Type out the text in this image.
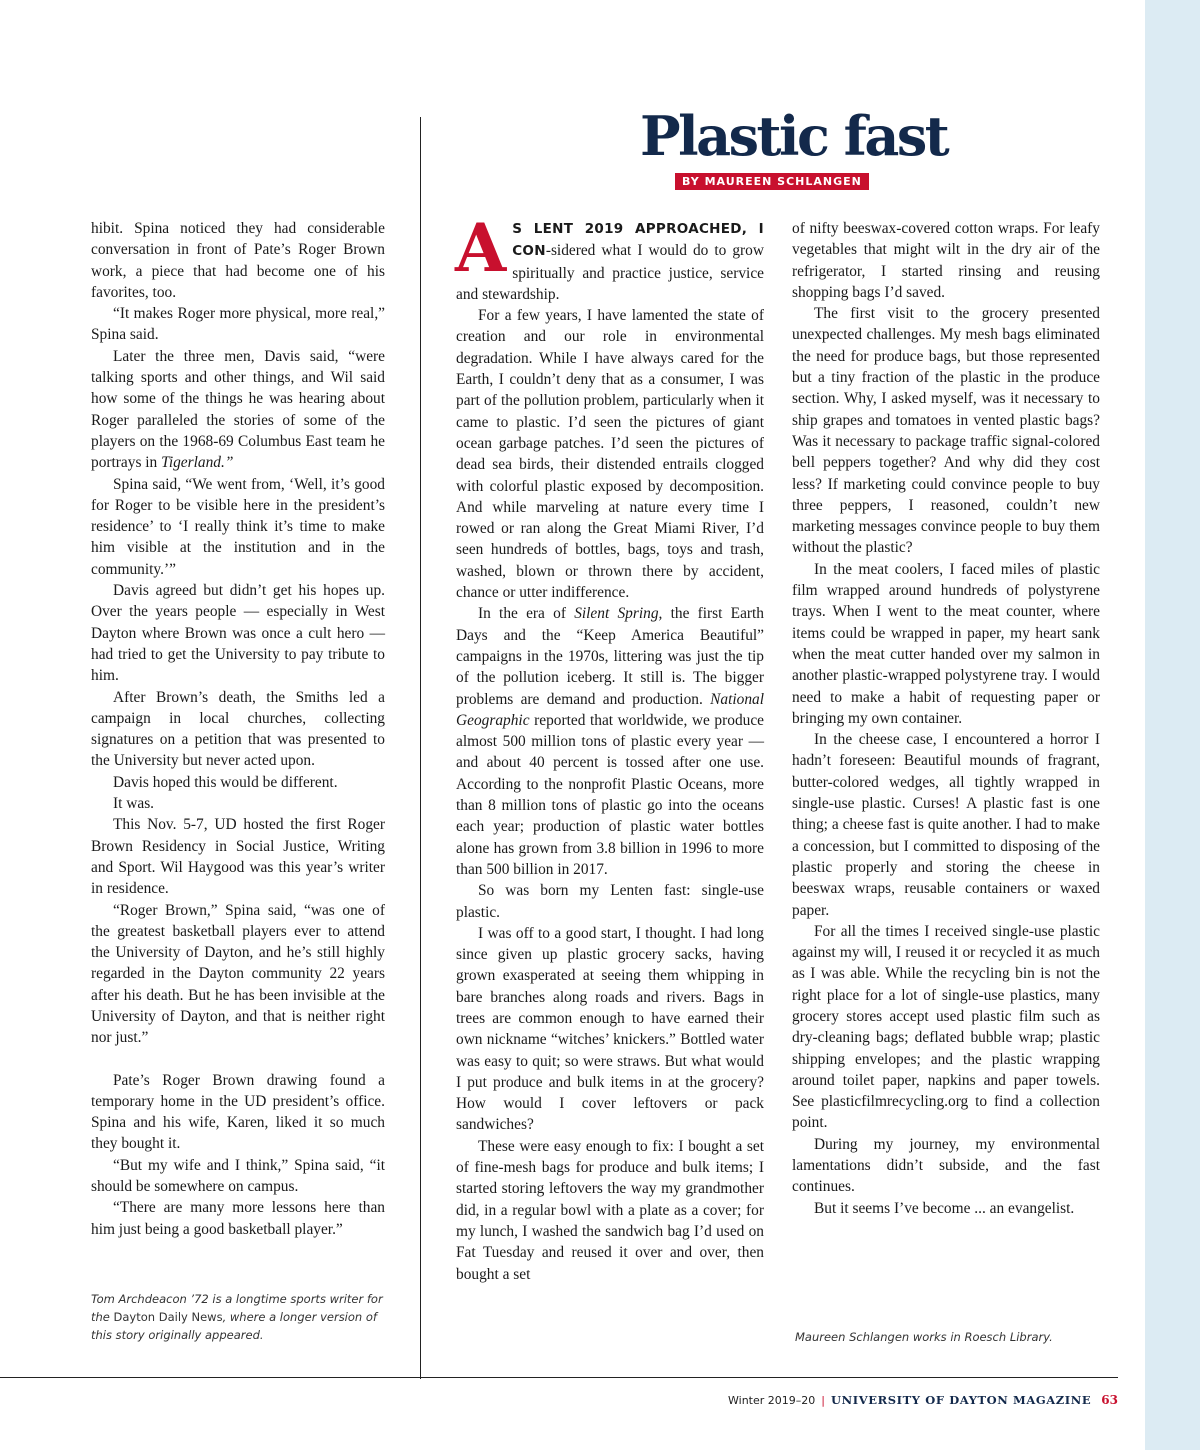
Plastic fast
BY MAUREEN SCHLANGEN

hibit. Spina noticed they had considerable conversation in front of Pate’s Roger Brown work, a piece that had become one of his favorites, too.

“It makes Roger more physical, more real,” Spina said.

Later the three men, Davis said, “were talking sports and other things, and Wil said how some of the things he was hearing about Roger paralleled the stories of some of the players on the 1968-69 Columbus East team he portrays in Tigerland.”

Spina said, “We went from, ‘Well, it’s good for Roger to be visible here in the president’s residence’ to ‘I really think it’s time to make him visible at the institution and in the community.’”

Davis agreed but didn’t get his hopes up. Over the years people — especially in West Dayton where Brown was once a cult hero — had tried to get the University to pay tribute to him.

After Brown’s death, the Smiths led a campaign in local churches, collecting signatures on a petition that was presented to the University but never acted upon.

Davis hoped this would be different.

It was.

This Nov. 5-7, UD hosted the first Roger Brown Residency in Social Justice, Writing and Sport. Wil Haygood was this year’s writer in residence.

“Roger Brown,” Spina said, “was one of the greatest basketball players ever to attend the University of Dayton, and he’s still highly regarded in the Dayton community 22 years after his death. But he has been invisible at the University of Dayton, and that is neither right nor just.”

Pate’s Roger Brown drawing found a temporary home in the UD president’s office. Spina and his wife, Karen, liked it so much they bought it.

“But my wife and I think,” Spina said, “it should be somewhere on campus.

“There are many more lessons here than him just being a good basketball player.”

Tom Archdeacon ’72 is a longtime sports writer for the Dayton Daily News, where a longer version of this story originally appeared.

A S LENT 2019 APPROACHED, I CON-sidered what I would do to grow spiritually and practice justice, service and stewardship.

For a few years, I have lamented the state of creation and our role in environmental degradation. While I have always cared for the Earth, I couldn’t deny that as a consumer, I was part of the pollution problem, particularly when it came to plastic. I’d seen the pictures of giant ocean garbage patches. I’d seen the pictures of dead sea birds, their distended entrails clogged with colorful plastic exposed by decomposition. And while marveling at nature every time I rowed or ran along the Great Miami River, I’d seen hundreds of bottles, bags, toys and trash, washed, blown or thrown there by accident, chance or utter indifference.

In the era of Silent Spring, the first Earth Days and the “Keep America Beautiful” campaigns in the 1970s, littering was just the tip of the pollution iceberg. It still is. The bigger problems are demand and production. National Geographic reported that worldwide, we produce almost 500 million tons of plastic every year — and about 40 percent is tossed after one use. According to the nonprofit Plastic Oceans, more than 8 million tons of plastic go into the oceans each year; production of plastic water bottles alone has grown from 3.8 billion in 1996 to more than 500 billion in 2017.

So was born my Lenten fast: single-use plastic.

I was off to a good start, I thought. I had long since given up plastic grocery sacks, having grown exasperated at seeing them whipping in bare branches along roads and rivers. Bags in trees are common enough to have earned their own nickname “witches’ knickers.” Bottled water was easy to quit; so were straws. But what would I put produce and bulk items in at the grocery? How would I cover leftovers or pack sandwiches?

These were easy enough to fix: I bought a set of fine-mesh bags for produce and bulk items; I started storing leftovers the way my grandmother did, in a regular bowl with a plate as a cover; for my lunch, I washed the sandwich bag I’d used on Fat Tuesday and reused it over and over, then bought a set

of nifty beeswax-covered cotton wraps. For leafy vegetables that might wilt in the dry air of the refrigerator, I started rinsing and reusing shopping bags I’d saved.

The first visit to the grocery presented unexpected challenges. My mesh bags eliminated the need for produce bags, but those represented but a tiny fraction of the plastic in the produce section. Why, I asked myself, was it necessary to ship grapes and tomatoes in vented plastic bags? Was it necessary to package traffic signal-colored bell peppers together? And why did they cost less? If marketing could convince people to buy three peppers, I reasoned, couldn’t new marketing messages convince people to buy them without the plastic?

In the meat coolers, I faced miles of plastic film wrapped around hundreds of polystyrene trays. When I went to the meat counter, where items could be wrapped in paper, my heart sank when the meat cutter handed over my salmon in another plastic-wrapped polystyrene tray. I would need to make a habit of requesting paper or bringing my own container.

In the cheese case, I encountered a horror I hadn’t foreseen: Beautiful mounds of fragrant, butter-colored wedges, all tightly wrapped in single-use plastic. Curses! A plastic fast is one thing; a cheese fast is quite another. I had to make a concession, but I committed to disposing of the plastic properly and storing the cheese in beeswax wraps, reusable containers or waxed paper.

For all the times I received single-use plastic against my will, I reused it or recycled it as much as I was able. While the recycling bin is not the right place for a lot of single-use plastics, many grocery stores accept used plastic film such as dry-cleaning bags; deflated bubble wrap; plastic shipping envelopes; and the plastic wrapping around toilet paper, napkins and paper towels. See plasticfilmrecycling.org to find a collection point.

During my journey, my environmental lamentations didn’t subside, and the fast continues.

But it seems I’ve become ... an evangelist.

Maureen Schlangen works in Roesch Library.

Winter 2019–20 | UNIVERSITY OF DAYTON MAGAZINE 63
